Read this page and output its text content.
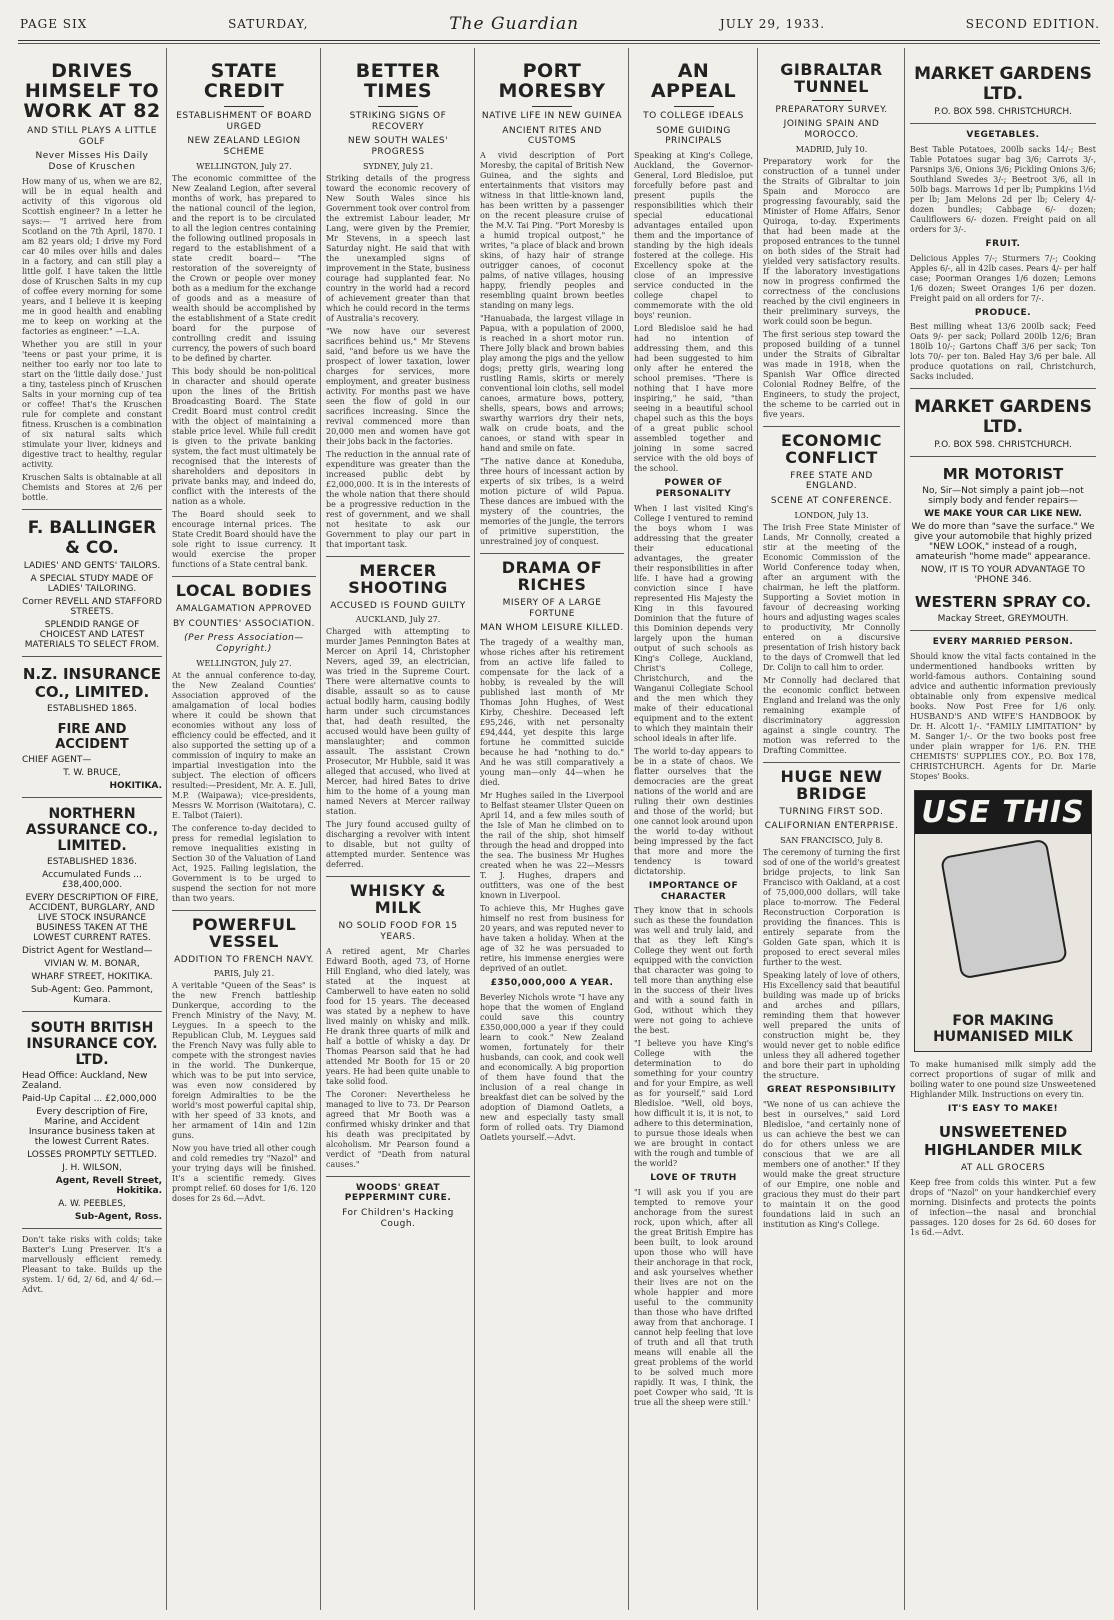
PAGE SIX	SATURDAY,	The Guardian	JULY 29, 1933.	SECOND EDITION.
DRIVES HIMSELF TO WORK AT 82
AND STILL PLAYS A LITTLE GOLF
Never Misses His Daily Dose of Kruschen
How many of us, when we are 82, will be in equal health and activity of this vigorous old Scottish engineer? In a letter he says:— "I arrived here from Scotland on the 7th April, 1870. I am 82 years old; I drive my Ford car 40 miles over hills and dales in a factory, and can still play a little golf. I have taken the little dose of Kruschen Salts in my cup of coffee every morning for some years, and I believe it is keeping me in good health and enabling me to keep on working at the factories as engineer." —L.A.
Whether you are still in your 'teens or past your prime, it is neither too early nor too late to start on the 'little daily dose.' Just a tiny, tasteless pinch of Kruschen Salts in your morning cup of tea or coffee! That's the Kruschen rule for complete and constant fitness. Kruschen is a combination of six natural salts which stimulate your liver, kidneys and digestive tract to healthy, regular activity.
Kruschen Salts is obtainable at all Chemists and Stores at 2/6 per bottle.
F. BALLINGER & CO.
LADIES' AND GENTS' TAILORS.
A SPECIAL STUDY MADE OF LADIES' TAILORING.
Corner REVELL AND STAFFORD STREETS.
SPLENDID RANGE OF CHOICEST AND LATEST MATERIALS TO SELECT FROM.
N.Z. INSURANCE CO., LIMITED.
ESTABLISHED 1865.
FIRE AND ACCIDENT
CHIEF AGENT—
T. W. BRUCE,
HOKITIKA.
NORTHERN ASSURANCE CO., LIMITED.
ESTABLISHED 1836.
Accumulated Funds ... £38,400,000.
EVERY DESCRIPTION OF FIRE, ACCIDENT, BURGLARY, AND LIVE STOCK INSURANCE BUSINESS TAKEN AT THE LOWEST CURRENT RATES.
District Agent for Westland—
VIVIAN W. M. BONAR,
WHARF STREET, HOKITIKA.
Sub-Agent: Geo. Pammont, Kumara.
SOUTH BRITISH INSURANCE COY. LTD.
Head Office: Auckland, New Zealand.
Paid-Up Capital ... £2,000,000
Every description of Fire, Marine, and Accident Insurance business taken at the lowest Current Rates.
LOSSES PROMPTLY SETTLED.
J. H. WILSON,
Agent, Revell Street, Hokitika.
A. W. PEEBLES,
Sub-Agent, Ross.
Don't take risks with colds; take Baxter's Lung Preserver. It's a marvellously efficient remedy. Pleasant to take. Builds up the system. 1/ 6d, 2/ 6d, and 4/ 6d.—Advt.
STATE CREDIT
ESTABLISHMENT OF BOARD URGED
NEW ZEALAND LEGION SCHEME
WELLINGTON, July 27.
The economic committee of the New Zealand Legion, after several months of work, has prepared to the national council of the legion, and the report is to be circulated to all the legion centres containing the following outlined proposals in regard to the establishment of a state credit board— "The restoration of the sovereignty of the Crown or people over money both as a medium for the exchange of goods and as a measure of wealth should be accomplished by the establishment of a State credit board for the purpose of controlling credit and issuing currency, the powers of such board to be defined by charter.
This body should be non-political in character and should operate upon the lines of the British Broadcasting Board. The State Credit Board must control credit with the object of maintaining a stable price level. While full credit is given to the private banking system, the fact must ultimately be recognised that the interests of shareholders and depositors in private banks may, and indeed do, conflict with the interests of the nation as a whole.
The Board should seek to encourage internal prices. The State Credit Board should have the sole right to issue currency. It would exercise the proper functions of a State central bank.
LOCAL BODIES
AMALGAMATION APPROVED
BY COUNTIES' ASSOCIATION.
(Per Press Association— Copyright.)
WELLINGTON, July 27.
At the annual conference to-day, the New Zealand Counties' Association approved of the amalgamation of local bodies where it could be shown that economies without any loss of efficiency could be effected, and it also supported the setting up of a commission of inquiry to make an impartial investigation into the subject. The election of officers resulted:—President, Mr. A. E. Jull, M.P. (Waipawa); vice-presidents, Messrs W. Morrison (Waitotara), C. E. Talbot (Taieri).
The conference to-day decided to press for remedial legislation to remove inequalities existing in Section 30 of the Valuation of Land Act, 1925. Failing legislation, the Government is to be urged to suspend the section for not more than two years.
POWERFUL VESSEL
ADDITION TO FRENCH NAVY.
PARIS, July 21.
A veritable "Queen of the Seas" is the new French battleship Dunkerque, according to the French Ministry of the Navy, M. Leygues. In a speech to the Republican Club, M. Leygues said the French Navy was fully able to compete with the strongest navies in the world. The Dunkerque, which was to be put into service, was even now considered by foreign Admiralties to be the world's most powerful capital ship, with her speed of 33 knots, and her armament of 14in and 12in guns.
Now you have tried all other cough and cold remedies try "Nazol" and your trying days will be finished. It's a scientific remedy. Gives prompt relief. 60 doses for 1/6. 120 doses for 2s 6d.—Advt.
BETTER TIMES
STRIKING SIGNS OF RECOVERY
NEW SOUTH WALES' PROGRESS
SYDNEY, July 21.
Striking details of the progress toward the economic recovery of New South Wales since his Government took over control from the extremist Labour leader, Mr Lang, were given by the Premier, Mr Stevens, in a speech last Saturday night. He said that with the unexampled signs of improvement in the State, business courage had supplanted fear. No country in the world had a record of achievement greater than that which he could record in the terms of Australia's recovery.
"We now have our severest sacrifices behind us," Mr Stevens said, "and before us we have the prospect of lower taxation, lower charges for services, more employment, and greater business activity. For months past we have seen the flow of gold in our sacrifices increasing. Since the revival commenced more than 20,000 men and women have got their jobs back in the factories.
The reduction in the annual rate of expenditure was greater than the increased public debt by £2,000,000. It is in the interests of the whole nation that there should be a progressive reduction in the rest of government, and we shall not hesitate to ask our Government to play our part in that important task.
MERCER SHOOTING
ACCUSED IS FOUND GUILTY
AUCKLAND, July 27.
Charged with attempting to murder James Pennington Bates at Mercer on April 14, Christopher Nevers, aged 39, an electrician, was tried in the Supreme Court. There were alternative counts to disable, assault so as to cause actual bodily harm, causing bodily harm under such circumstances that, had death resulted, the accused would have been guilty of manslaughter; and common assault. The assistant Crown Prosecutor, Mr Hubble, said it was alleged that accused, who lived at Mercer, had hired Bates to drive him to the home of a young man named Nevers at Mercer railway station.
The jury found accused guilty of discharging a revolver with intent to disable, but not guilty of attempted murder. Sentence was deferred.
WHISKY & MILK
NO SOLID FOOD FOR 15 YEARS.
A retired agent, Mr Charles Edward Booth, aged 73, of Horne Hill England, who died lately, was stated at the inquest at Camberwell to have eaten no solid food for 15 years. The deceased was stated by a nephew to have lived mainly on whisky and milk. He drank three quarts of milk and half a bottle of whisky a day. Dr Thomas Pearson said that he had attended Mr Booth for 15 or 20 years. He had been quite unable to take solid food.
The Coroner: Nevertheless he managed to live to 73. Dr Pearson agreed that Mr Booth was a confirmed whisky drinker and that his death was precipitated by alcoholism. Mr Pearson found a verdict of "Death from natural causes."
WOODS' GREAT PEPPERMINT CURE.
For Children's Hacking Cough.
PORT MORESBY
NATIVE LIFE IN NEW GUINEA
ANCIENT RITES AND CUSTOMS
A vivid description of Port Moresby, the capital of British New Guinea, and the sights and entertainments that visitors may witness in that little-known land, has been written by a passenger on the recent pleasure cruise of the M.V. Tai Ping. "Port Moresby is a humid tropical outpost," he writes, "a place of black and brown skins, of hazy hair of strange outrigger canoes, of coconut palms, of native villages, housing happy, friendly peoples and resembling quaint brown beetles standing on many legs.
"Hanuabada, the largest village in Papua, with a population of 2000, is reached in a short motor run. There Jolly black and brown babies play among the pigs and the yellow dogs; pretty girls, wearing long rustling Ramis, skirts or merely conventional loin cloths, sell model canoes, armature bows, pottery, shells, spears, bows and arrows; swarthy warriors dry their nets, walk on crude boats, and the canoes, or stand with spear in hand and smile on fate.
"The native dance at Koneduba, three hours of incessant action by experts of six tribes, is a weird motion picture of wild Papua. These dances are imbued with the mystery of the countries, the memories of the jungle, the terrors of primitive superstition, the unrestrained joy of conquest.
DRAMA OF RICHES
MISERY OF A LARGE FORTUNE
MAN WHOM LEISURE KILLED.
The tragedy of a wealthy man, whose riches after his retirement from an active life failed to compensate for the lack of a hobby, is revealed by the will published last month of Mr Thomas John Hughes, of West Kirby, Cheshire. Deceased left £95,246, with net personalty £94,444, yet despite this large fortune he committed suicide because he had "nothing to do." And he was still comparatively a young man—only 44—when he died.
Mr Hughes sailed in the Liverpool to Belfast steamer Ulster Queen on April 14, and a few miles south of the Isle of Man he climbed on to the rail of the ship, shot himself through the head and dropped into the sea. The business Mr Hughes created when he was 22—Messrs T. J. Hughes, drapers and outfitters, was one of the best known in Liverpool.
To achieve this, Mr Hughes gave himself no rest from business for 20 years, and was reputed never to have taken a holiday. When at the age of 32 he was persuaded to retire, his immense energies were deprived of an outlet.
£350,000,000 A YEAR.
Beverley Nichols wrote "I have any hope that the women of England could save this country £350,000,000 a year if they could learn to cook." New Zealand women, fortunately for their husbands, can cook, and cook well and economically. A big proportion of them have found that the inclusion of a real change in breakfast diet can be solved by the adoption of Diamond Oatlets, a new and especially tasty small form of rolled oats. Try Diamond Oatlets yourself.—Advt.
AN APPEAL
TO COLLEGE IDEALS
SOME GUIDING PRINCIPALS
Speaking at King's College, Auckland, the Governor-General, Lord Bledisloe, put forcefully before past and present pupils the responsibilities which their special educational advantages entailed upon them and the importance of standing by the high ideals fostered at the college. His Excellency spoke at the close of an impressive service conducted in the college chapel to commemorate with the old boys' reunion.
Lord Bledisloe said he had had no intention of addressing them, and this had been suggested to him only after he entered the school premises. "There is nothing that I have more inspiring," he said, "than seeing in a beautiful school chapel such as this the boys of a great public school assembled together and joining in some sacred service with the old boys of the school.
POWER OF PERSONALITY
When I last visited King's College I ventured to remind the boys whom I was addressing that the greater their educational advantages, the greater their responsibilities in after life. I have had a growing conviction since I have represented His Majesty the King in this favoured Dominion that the future of this Dominion depends very largely upon the human output of such schools as King's College, Auckland, Christ's College, Christchurch, and the Wanganui Collegiate School and the men which they make of their educational equipment and to the extent to which they maintain their school ideals in after life.
The world to-day appears to be in a state of chaos. We flatter ourselves that the democracies are the great nations of the world and are ruling their own destinies and those of the world; but one cannot look around upon the world to-day without being impressed by the fact that more and more the tendency is toward dictatorship.
IMPORTANCE OF CHARACTER
They know that in schools such as these the foundation was well and truly laid, and that as they left King's College they went out forth equipped with the conviction that character was going to tell more than anything else in the success of their lives and with a sound faith in God, without which they were not going to achieve the best.
"I believe you have King's College with the determination to do something for your country and for your Empire, as well as for yourself," said Lord Bledisloe. "Well, old boys, how difficult it is, it is not, to adhere to this determination, to pursue those ideals when we are brought in contact with the rough and tumble of the world?
LOVE OF TRUTH
"I will ask you if you are tempted to remove your anchorage from the surest rock, upon which, after all the great British Empire has been built, to look around upon those who will have their anchorage in that rock, and ask yourselves whether their lives are not on the whole happier and more useful to the community than those who have drifted away from that anchorage. I cannot help feeling that love of truth and all that truth means will enable all the great problems of the world to be solved much more rapidly. It was, I think, the poet Cowper who said, 'It is true all the sheep were still.'
GIBRALTAR TUNNEL
PREPARATORY SURVEY.
JOINING SPAIN AND MOROCCO.
MADRID, July 10.
Preparatory work for the construction of a tunnel under the Straits of Gibraltar to join Spain and Morocco are progressing favourably, said the Minister of Home Affairs, Senor Quiroga, to-day. Experiments that had been made at the proposed entrances to the tunnel on both sides of the Strait had yielded very satisfactory results. If the laboratory investigations now in progress confirmed the correctness of the conclusions reached by the civil engineers in their preliminary surveys, the work could soon be begun.
The first serious step toward the proposed building of a tunnel under the Straits of Gibraltar was made in 1918, when the Spanish War Office directed Colonial Rodney Belfre, of the Engineers, to study the project, the scheme to be carried out in five years.
ECONOMIC CONFLICT
FREE STATE AND ENGLAND.
SCENE AT CONFERENCE.
LONDON, July 13.
The Irish Free State Minister of Lands, Mr Connolly, created a stir at the meeting of the Economic Commission of the World Conference today when, after an argument with the chairman, he left the platform. Supporting a Soviet motion in favour of decreasing working hours and adjusting wages scales to productivity, Mr Connolly entered on a discursive presentation of Irish history back to the days of Cromwell that led Dr. Colijn to call him to order.
Mr Connolly had declared that the economic conflict between England and Ireland was the only remaining example of discriminatory aggression against a single country. The motion was referred to the Drafting Committee.
HUGE NEW BRIDGE
TURNING FIRST SOD.
CALIFORNIAN ENTERPRISE.
SAN FRANCISCO, July 8.
The ceremony of turning the first sod of one of the world's greatest bridge projects, to link San Francisco with Oakland, at a cost of 75,000,000 dollars, will take place to-morrow. The Federal Reconstruction Corporation is providing the finances. This is entirely separate from the Golden Gate span, which it is proposed to erect several miles further to the west.
Speaking lately of love of others, His Excellency said that beautiful building was made up of bricks and arches and pillars, reminding them that however well prepared the units of construction might be, they would never get to noble edifice unless they all adhered together and bore their part in upholding the structure.
GREAT RESPONSIBILITY
"We none of us can achieve the best in ourselves," said Lord Bledisloe, "and certainly none of us can achieve the best we can do for others unless we are conscious that we are all members one of another." If they would make the great structure of our Empire, one noble and gracious they must do their part to maintain it on the good foundations laid in such an institution as King's College.
MARKET GARDENS LTD.
P.O. BOX 598. CHRISTCHURCH.
VEGETABLES.
Best Table Potatoes, 200lb sacks 14/-; Best Table Potatoes sugar bag 3/6; Carrots 3/-, Parsnips 3/6, Onions 3/6; Pickling Onions 3/6; Southland Swedes 3/-; Beetroot 3/6, all in 50lb bags. Marrows 1d per lb; Pumpkins 1½d per lb; Jam Melons 2d per lb; Celery 4/- dozen bundles; Cabbage 6/- dozen; Cauliflowers 6/- dozen. Freight paid on all orders for 3/-.
FRUIT.
Delicious Apples 7/-; Sturmers 7/-; Cooking Apples 6/-, all in 42lb cases. Pears 4/- per half case; Poorman Oranges 1/6 dozen; Lemons 1/6 dozen; Sweet Oranges 1/6 per dozen. Freight paid on all orders for 7/-.
PRODUCE.
Best milling wheat 13/6 200lb sack; Feed Oats 9/- per sack; Pollard 200lb 12/6; Bran 180lb 10/-; Gartons Chaff 3/6 per sack; Ton lots 70/- per ton. Baled Hay 3/6 per bale. All produce quotations on rail, Christchurch, Sacks included.
MARKET GARDENS LTD.
P.O. BOX 598. CHRISTCHURCH.
MR MOTORIST
No, Sir—Not simply a paint job—not simply body and fender repairs—
WE MAKE YOUR CAR LIKE NEW.
We do more than "save the surface." We give your automobile that highly prized "NEW LOOK," instead of a rough, amateurish "home made" appearance.
NOW, IT IS TO YOUR ADVANTAGE TO 'PHONE 346.
WESTERN SPRAY CO.
Mackay Street, GREYMOUTH.
EVERY MARRIED PERSON.
Should know the vital facts contained in the undermentioned handbooks written by world-famous authors. Containing sound advice and authentic information previously obtainable only from expensive medical books. Now Post Free for 1/6 only. HUSBAND'S AND WIFE'S HANDBOOK by Dr. H. Alcott 1/-. "FAMILY LIMITATION" by M. Sanger 1/-. Or the two books post free under plain wrapper for 1/6. P.N. THE CHEMISTS' SUPPLIES COY., P.O. Box 178, CHRISTCHURCH. Agents for Dr. Marie Stopes' Books.
USE THIS
FOR MAKING HUMANISED MILK
To make humanised milk simply add the correct proportions of sugar of milk and boiling water to one pound size Unsweetened Highlander Milk. Instructions on every tin.
IT'S EASY TO MAKE!
UNSWEETENED HIGHLANDER MILK
AT ALL GROCERS
Keep free from colds this winter. Put a few drops of "Nazol" on your handkerchief every morning. Disinfects and protects the points of infection—the nasal and bronchial passages. 120 doses for 2s 6d. 60 doses for 1s 6d.—Advt.
